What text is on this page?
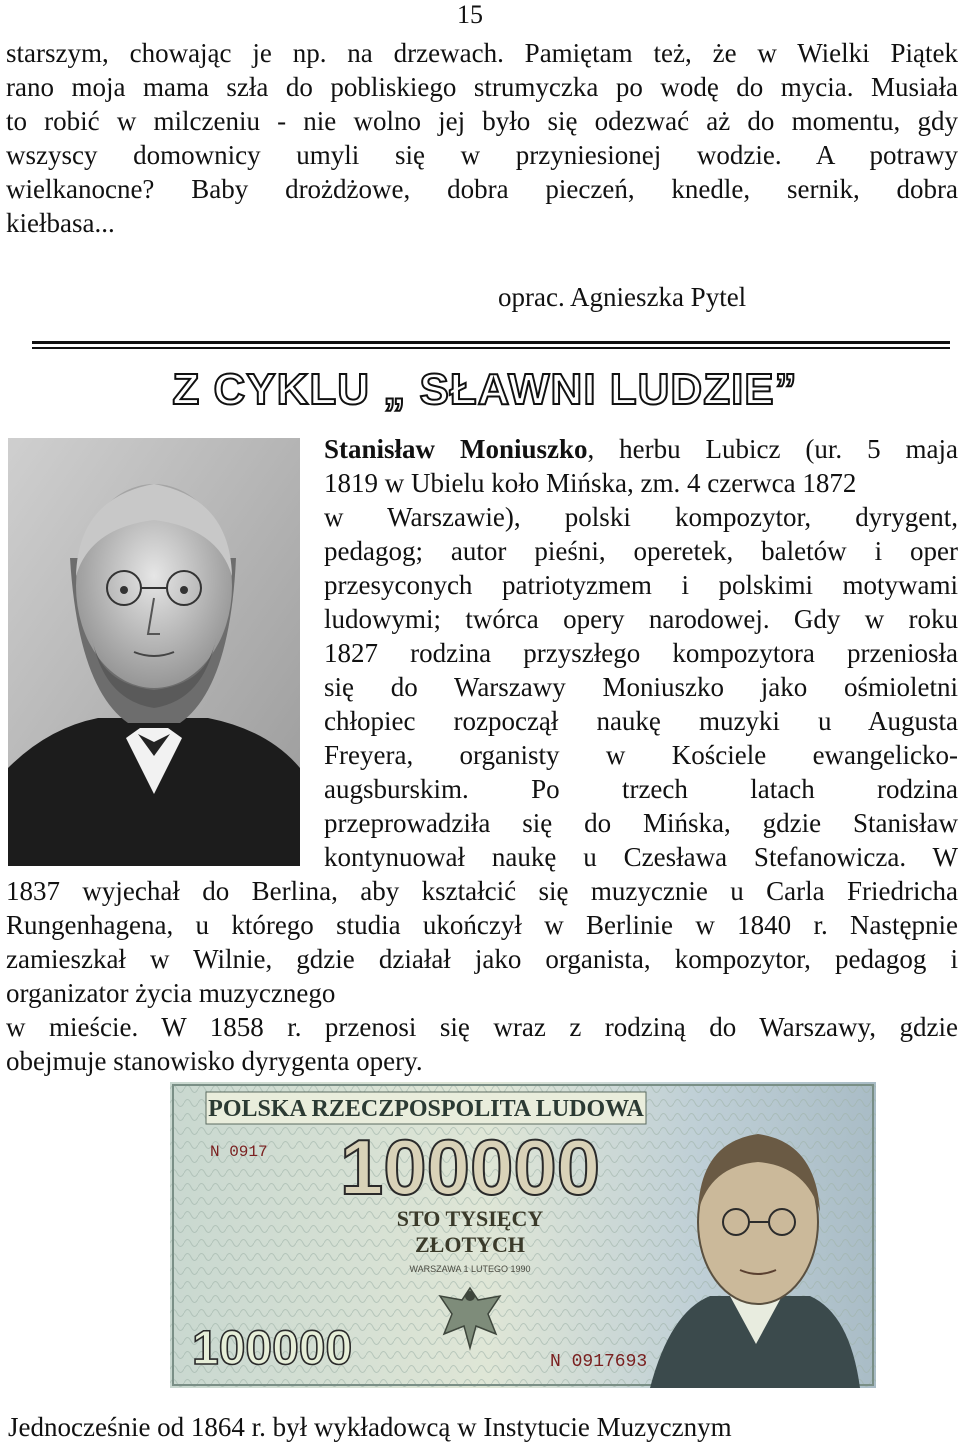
15
starszym, chowając je np. na drzewach. Pamiętam też, że w Wielki Piątek
rano moja mama szła do pobliskiego strumyczka po wodę do mycia. Musiała
to robić w milczeniu - nie wolno jej było się odezwać aż do momentu, gdy
wszyscy domownicy umyli się w przyniesionej wodzie. A potrawy
wielkanocne? Baby drożdżowe, dobra pieczeń, knedle, sernik, dobra
kiełbasa...
oprac. Agnieszka Pytel
Z CYKLU „ SŁAWNI LUDZIE”

Stanisław Moniuszko, herbu Lubicz (ur. 5 maja
1819 w Ubielu koło Mińska, zm. 4 czerwca 1872
w Warszawie), polski kompozytor, dyrygent,
pedagog; autor pieśni, operetek, baletów i oper
przesyconych patriotyzmem i polskimi motywami
ludowymi; twórca opery narodowej. Gdy w roku
1827 rodzina przyszłego kompozytora przeniosła
się do Warszawy Moniuszko jako ośmioletni
chłopiec rozpoczął naukę muzyki u Augusta
Freyera, organisty w Kościele ewangelicko-
augsburskim. Po trzech latach rodzina
przeprowadziła się do Mińska, gdzie Stanisław
kontynuował naukę u Czesława Stefanowicza. W

1837 wyjechał do Berlina, aby kształcić się muzycznie u Carla Friedricha
Rungenhagena, u którego studia ukończył w Berlinie w 1840 r. Następnie
zamieszkał w Wilnie, gdzie działał jako organista, kompozytor, pedagog i
organizator życia muzycznego
w mieście. W 1858 r. przenosi się wraz z rodziną do Warszawy, gdzie
obejmuje stanowisko dyrygenta opery.

POLSKA RZECZPOSPOLITA LUDOWA
N 0917 100000
STO TYSIĘCY
ZŁOTYCH
WARSZAWA 1 LUTEGO 1990
100000	N 0917693
Jednocześnie od 1864 r. był wykładowcą w Instytucie Muzycznym
